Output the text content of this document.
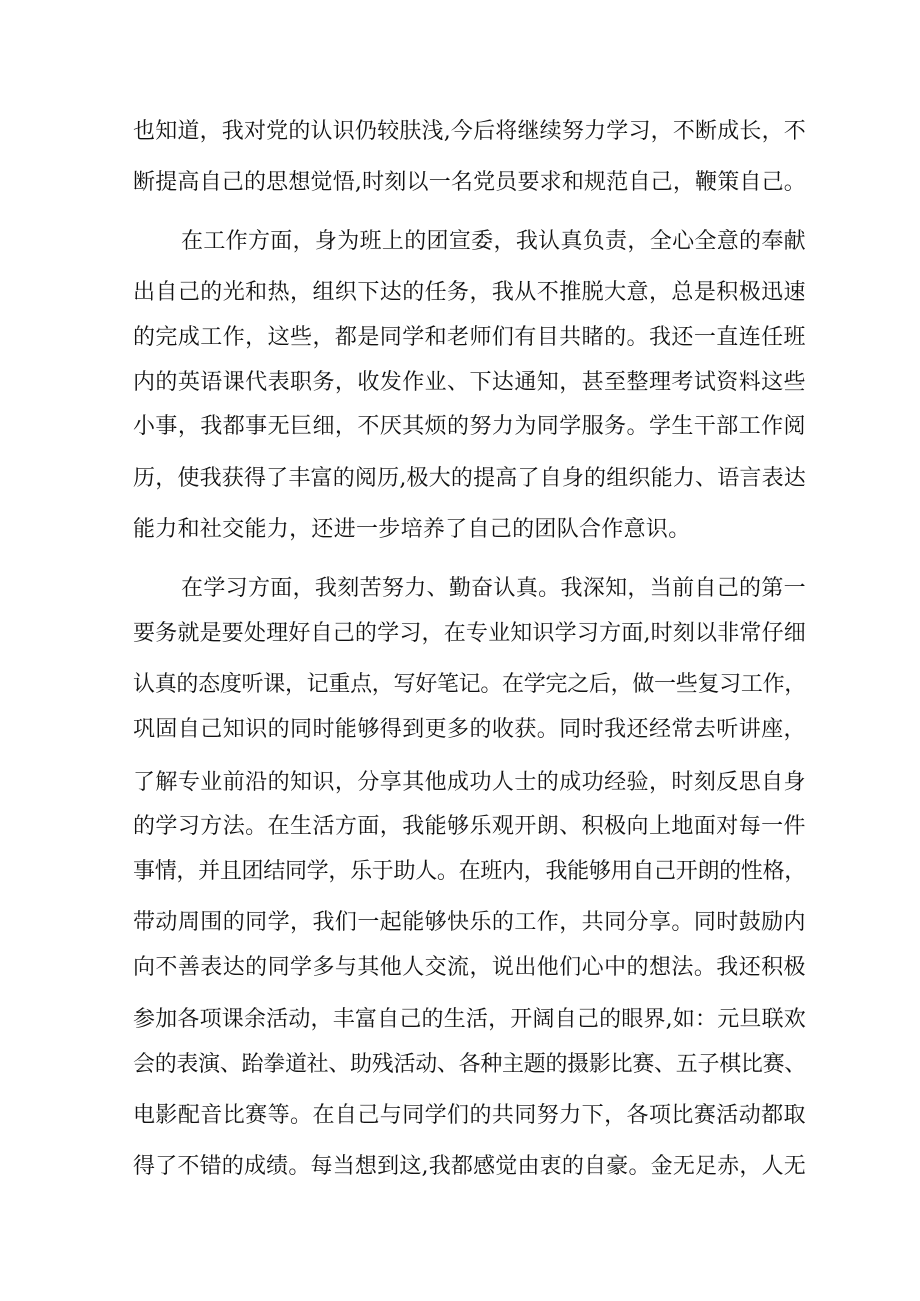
也知道，我对党的认识仍较肤浅,今后将继续努力学习，不断成长，不
断提高自己的思想觉悟,时刻以一名党员要求和规范自己，鞭策自己。
在工作方面，身为班上的团宣委，我认真负责，全心全意的奉献
出自己的光和热，组织下达的任务，我从不推脱大意，总是积极迅速
的完成工作，这些，都是同学和老师们有目共睹的。我还一直连任班
内的英语课代表职务，收发作业、下达通知，甚至整理考试资料这些
小事，我都事无巨细，不厌其烦的努力为同学服务。学生干部工作阅
历，使我获得了丰富的阅历,极大的提高了自身的组织能力、语言表达
能力和社交能力，还进一步培养了自己的团队合作意识。
在学习方面，我刻苦努力、勤奋认真。我深知，当前自己的第一
要务就是要处理好自己的学习，在专业知识学习方面,时刻以非常仔细
认真的态度听课，记重点，写好笔记。在学完之后，做一些复习工作，
巩固自己知识的同时能够得到更多的收获。同时我还经常去听讲座，
了解专业前沿的知识，分享其他成功人士的成功经验，时刻反思自身
的学习方法。在生活方面，我能够乐观开朗、积极向上地面对每一件
事情，并且团结同学，乐于助人。在班内，我能够用自己开朗的性格，
带动周围的同学，我们一起能够快乐的工作，共同分享。同时鼓励内
向不善表达的同学多与其他人交流，说出他们心中的想法。我还积极
参加各项课余活动，丰富自己的生活，开阔自己的眼界,如：元旦联欢
会的表演、跆拳道社、助残活动、各种主题的摄影比赛、五子棋比赛、
电影配音比赛等。在自己与同学们的共同努力下，各项比赛活动都取
得了不错的成绩。每当想到这,我都感觉由衷的自豪。金无足赤，人无
